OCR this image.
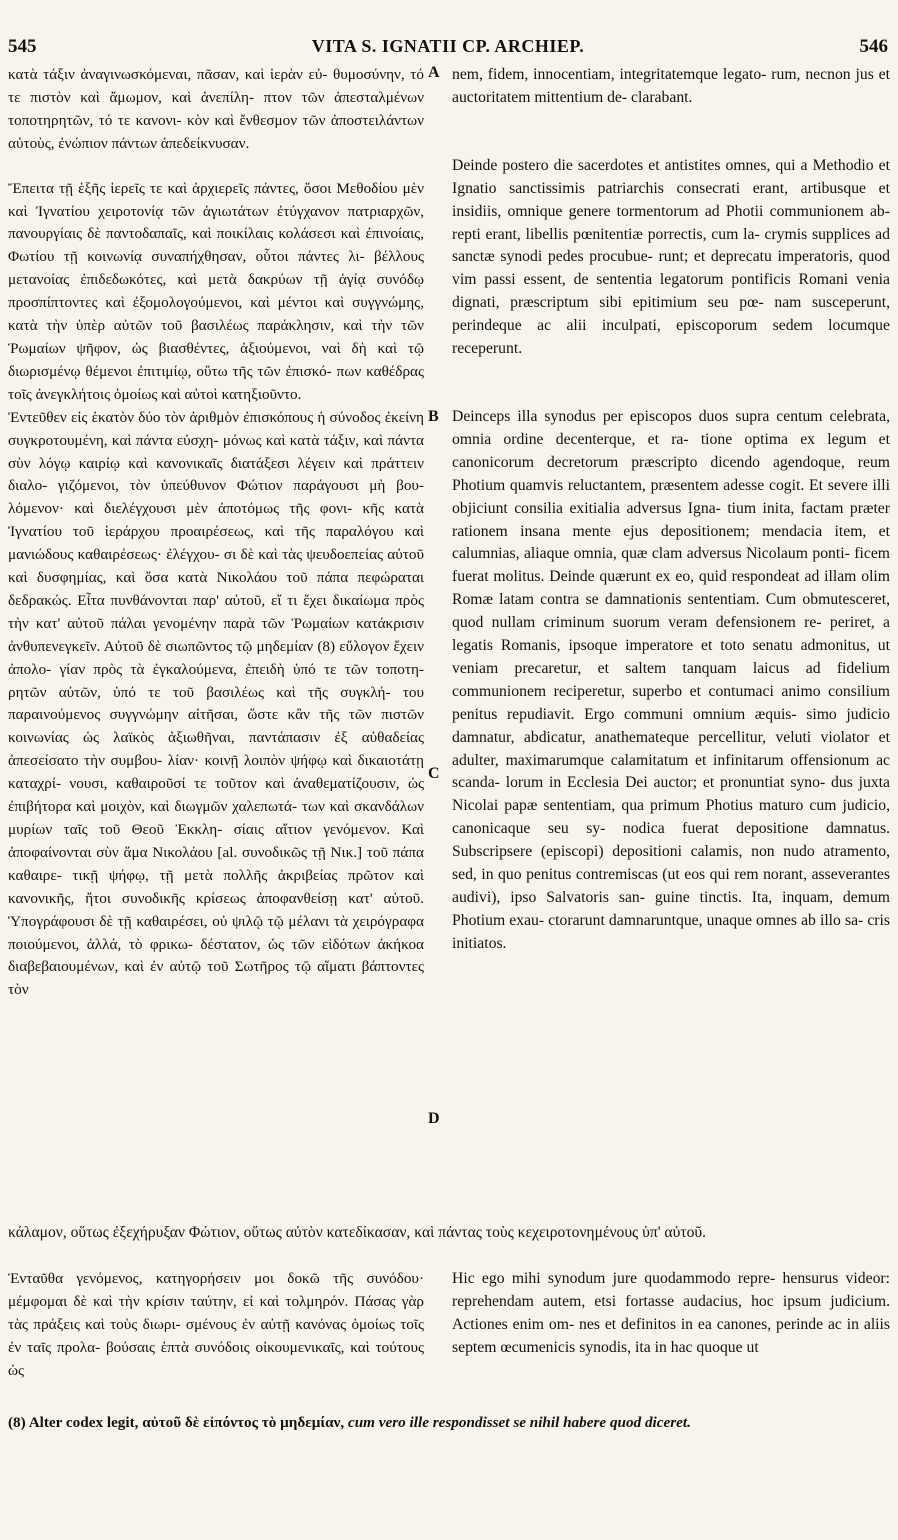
545	VITA S. IGNATII CP. ARCHIEP.	546

κατὰ τάξιν ἀναγινωσκόμεναι, πᾶσαν, καὶ ἱερὰν εὐ- θυμοσύνην, τό τε πιστὸν καὶ ἄμωμον, καὶ ἀνεπίλη- πτον τῶν ἀπεσταλμένων τοποτηρητῶν, τό τε κανονι- κὸν καὶ ἔνθεσμον τῶν ἀποστειλάντων αὐτοὺς, ἐνώπιον πάντων ἀπεδείκνυσαν.

Ἔπειτα τῇ ἑξῆς ἱερεῖς τε καὶ ἀρχιερεῖς πάντες, ὅσοι Μεθοδίου μὲν καὶ Ἰγνατίου χειροτονίᾳ τῶν ἁγιωτάτων ἐτύγχανον πατριαρχῶν, πανουργίαις δὲ παντοδαπαῖς, καὶ ποικίλαις κολάσεσι καὶ ἐπινοίαις, Φωτίου τῇ κοινωνίᾳ συναπήχθησαν, οὗτοι πάντες λι- βέλλους μετανοίας ἐπιδεδωκότες, καὶ μετὰ δακρύων τῇ ἁγίᾳ συνόδῳ προσπίπτοντες καὶ ἐξομολογούμενοι, καὶ μέντοι καὶ συγγνώμης, κατὰ τὴν ὑπὲρ αὐτῶν τοῦ βασιλέως παράκλησιν, καὶ τὴν τῶν Ῥωμαίων ψῆφον, ὡς βιασθέντες, ἀξιούμενοι, ναὶ δὴ καὶ τῷ διωρισμένῳ θέμενοι ἐπιτιμίῳ, οὕτω τῆς τῶν ἐπισκό- πων καθέδρας τοῖς ἀνεγκλήτοις ὁμοίως καὶ αὐτοὶ κατηξιοῦντο.

Ἐντεῦθεν εἰς ἑκατὸν δύο τὸν ἀριθμὸν ἐπισκόπους ἡ σύνοδος ἐκείνη συγκροτουμένη, καὶ πάντα εὐσχη- μόνως καὶ κατὰ τάξιν, καὶ πάντα σὺν λόγῳ καιρίῳ καὶ κανονικαῖς διατάξεσι λέγειν καὶ πράττειν διαλο- γιζόμενοι, τὸν ὑπεύθυνον Φώτιον παράγουσι μὴ βου- λόμενον· καὶ διελέγχουσι μὲν ἀποτόμως τῆς φονι- κῆς κατὰ Ἰγνατίου τοῦ ἱεράρχου προαιρέσεως, καὶ τῆς παραλόγου καὶ μανιώδους καθαιρέσεως· ἐλέγχου- σι δὲ καὶ τὰς ψευδοεπείας αὐτοῦ καὶ δυσφημίας, καὶ ὅσα κατὰ Νικολάου τοῦ πάπα πεφώραται δεδρακώς. Εἶτα πυνθάνονται παρ' αὐτοῦ, εἴ τι ἔχει δικαίωμα πρὸς τὴν κατ' αὐτοῦ πάλαι γενομένην παρὰ τῶν Ῥωμαίων κατάκρισιν ἀνθυπενεγκεῖν. Αὐτοῦ δὲ σιωπῶντος τῷ μηδεμίαν (8) εὔλογον ἔχειν ἀπολο- γίαν πρὸς τὰ ἐγκαλούμενα, ἐπειδὴ ὑπό τε τῶν τοποτη- ρητῶν αὐτῶν, ὑπό τε τοῦ βασιλέως καὶ τῆς συγκλή- του παραινούμενος συγγνώμην αἰτῆσαι, ὥστε κἂν τῆς τῶν πιστῶν κοινωνίας ὡς λαϊκὸς ἀξιωθῆναι, παντάπασιν ἐξ αὐθαδείας ἀπεσείσατο τὴν συμβου- λίαν· κοινῇ λοιπὸν ψήφῳ καὶ δικαιοτάτῃ καταχρί- νουσι, καθαιροῦσί τε τοῦτον καὶ ἀναθεματίζουσιν, ὡς ἐπιβήτορα καὶ μοιχὸν, καὶ διωγμῶν χαλεπωτά- των καὶ σκανδάλων μυρίων ταῖς τοῦ Θεοῦ Ἐκκλη- σίαις αἴτιον γενόμενον. Καὶ ἀποφαίνονται σὺν ἅμα Νικολάου [al. συνοδικῶς τῇ Νικ.] τοῦ πάπα καθαιρε- τικῇ ψήφῳ, τῇ μετὰ πολλῆς ἀκριβείας πρῶτον καὶ κανονικῆς, ἤτοι συνοδικῆς κρίσεως ἀποφανθείσῃ κατ' αὐτοῦ. Ὑπογράφουσι δὲ τῇ καθαιρέσει, οὐ ψιλῷ τῷ μέλανι τὰ χειρόγραφα ποιούμενοι, ἀλλά, τὸ φρικω- δέστατον, ὡς τῶν εἰδότων ἀκήκοα διαβεβαιουμένων, καὶ ἐν αὐτῷ τοῦ Σωτῆρος τῷ αἵματι βάπτοντες τὸν

nem, fidem, innocentiam, integritatemque legato- rum, necnon jus et auctoritatem mittentium de- clarabant.

Deinde postero die sacerdotes et antistites omnes, qui a Methodio et Ignatio sanctissimis patriarchis consecrati erant, artibusque et insidiis, omnique genere tormentorum ad Photii communionem ab- repti erant, libellis pœnitentiæ porrectis, cum la- crymis supplices ad sanctæ synodi pedes procubue- runt; et deprecatu imperatoris, quod vim passi essent, de sententia legatorum pontificis Romani venia dignati, præscriptum sibi epitimium seu pœ- nam susceperunt, perindeque ac alii inculpati, episcoporum sedem locumque receperunt.

Deinceps illa synodus per episcopos duos supra centum celebrata, omnia ordine decenterque, et ra- tione optima ex legum et canonicorum decretorum præscripto dicendo agendoque, reum Photium quamvis reluctantem, præsentem adesse cogit. Et severe illi objiciunt consilia exitialia adversus Igna- tium inita, factam præter rationem insana mente ejus depositionem; mendacia item, et calumnias, aliaque omnia, quæ clam adversus Nicolaum ponti- ficem fuerat molitus. Deinde quærunt ex eo, quid respondeat ad illam olim Romæ latam contra se damnationis sententiam. Cum obmutesceret, quod nullam criminum suorum veram defensionem re- periret, a legatis Romanis, ipsoque imperatore et toto senatu admonitus, ut veniam precaretur, et saltem tanquam laicus ad fidelium communionem reciperetur, superbo et contumaci animo consilium penitus repudiavit. Ergo communi omnium æquis- simo judicio damnatur, abdicatur, anathemateque percellitur, veluti violator et adulter, maximarumque calamitatum et infinitarum offensionum ac scanda- lorum in Ecclesia Dei auctor; et pronuntiat syno- dus juxta Nicolai papæ sententiam, qua primum Photius maturo cum judicio, canonicaque seu sy- nodica fuerat depositione damnatus. Subscripsere (episcopi) depositioni calamis, non nudo atramento, sed, in quo penitus contremiscas (ut eos qui rem norant, asseverantes audivi), ipso Salvatoris san- guine tinctis. Ita, inquam, demum Photium exau- ctorarunt damnaruntque, unaque omnes ab illo sa- cris initiatos.

A
B
C
D

κάλαμον, οὕτως ἐξεχήρυξαν Φώτιον, οὕτως αὐτὸν κατεδίκασαν, καὶ πάντας τοὺς κεχειροτονημένους ὑπ' αὐτοῦ.

Ἐνταῦθα γενόμενος, κατηγορήσειν μοι δοκῶ τῆς συνόδου· μέμφομαι δὲ καὶ τὴν κρίσιν ταύτην, εἰ καὶ τολμηρόν. Πάσας γὰρ τὰς πράξεις καὶ τοὺς διωρι- σμένους ἐν αὐτῇ κανόνας ὁμοίως τοῖς ἐν ταῖς προλα- βούσαις ἑπτὰ συνόδοις οἰκουμενικαῖς, καὶ τούτους ὡς

Hic ego mihi synodum jure quodammodo repre- hensurus videor: reprehendam autem, etsi fortasse audacius, hoc ipsum judicium. Actiones enim om- nes et definitos in ea canones, perinde ac in aliis septem œcumenicis synodis, ita in hac quoque ut

(8) Alter codex legit, αὐτοῦ δὲ εἰπόντος τὸ μηδεμίαν, cum vero ille respondisset se nihil habere quod diceret.
